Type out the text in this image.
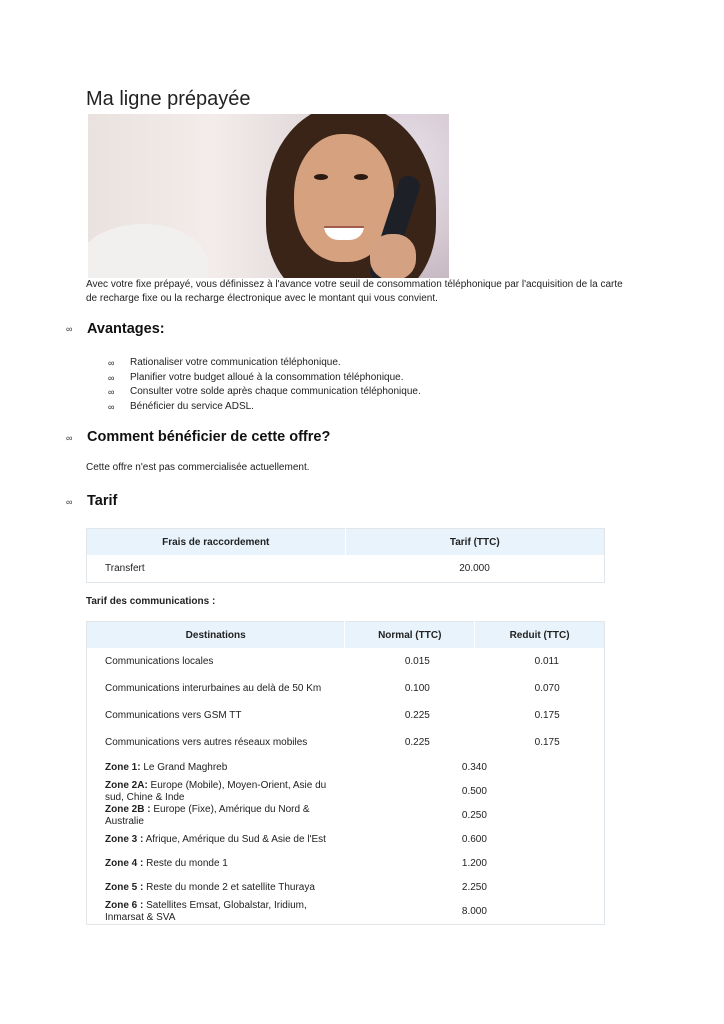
Ma ligne prépayée

Avec votre fixe prépayé, vous définissez à l'avance votre seuil de consommation téléphonique par l'acquisition de la carte de recharge fixe ou la recharge électronique avec le montant qui vous convient.

∞ Avantages:
∞ Rationaliser votre communication téléphonique.
∞ Planifier votre budget alloué à la consommation téléphonique.
∞ Consulter votre solde après chaque communication téléphonique.
∞ Bénéficier du service ADSL.
∞ Comment bénéficier de cette offre?

Cette offre n'est pas commercialisée actuellement.

∞ Tarif
Frais de raccordement	Tarif (TTC)
Transfert	20.000

Tarif des communications :

Destinations	Normal (TTC)	Reduit (TTC)
Communications locales	0.015	0.011
Communications interurbaines au delà de 50 Km	0.100	0.070
Communications vers GSM TT	0.225	0.175
Communications vers autres réseaux mobiles	0.225	0.175
Zone 1: Le Grand Maghreb	0.340	
Zone 2A: Europe (Mobile), Moyen-Orient, Asie du sud, Chine & Inde	0.500	
Zone 2B : Europe (Fixe), Amérique du Nord & Australie	0.250	
Zone 3 : Afrique, Amérique du Sud & Asie de l'Est	0.600	
Zone 4 : Reste du monde 1	1.200	
Zone 5 : Reste du monde 2 et satellite Thuraya	2.250	
Zone 6 : Satellites Emsat, Globalstar, Iridium, Inmarsat & SVA	8.000	
